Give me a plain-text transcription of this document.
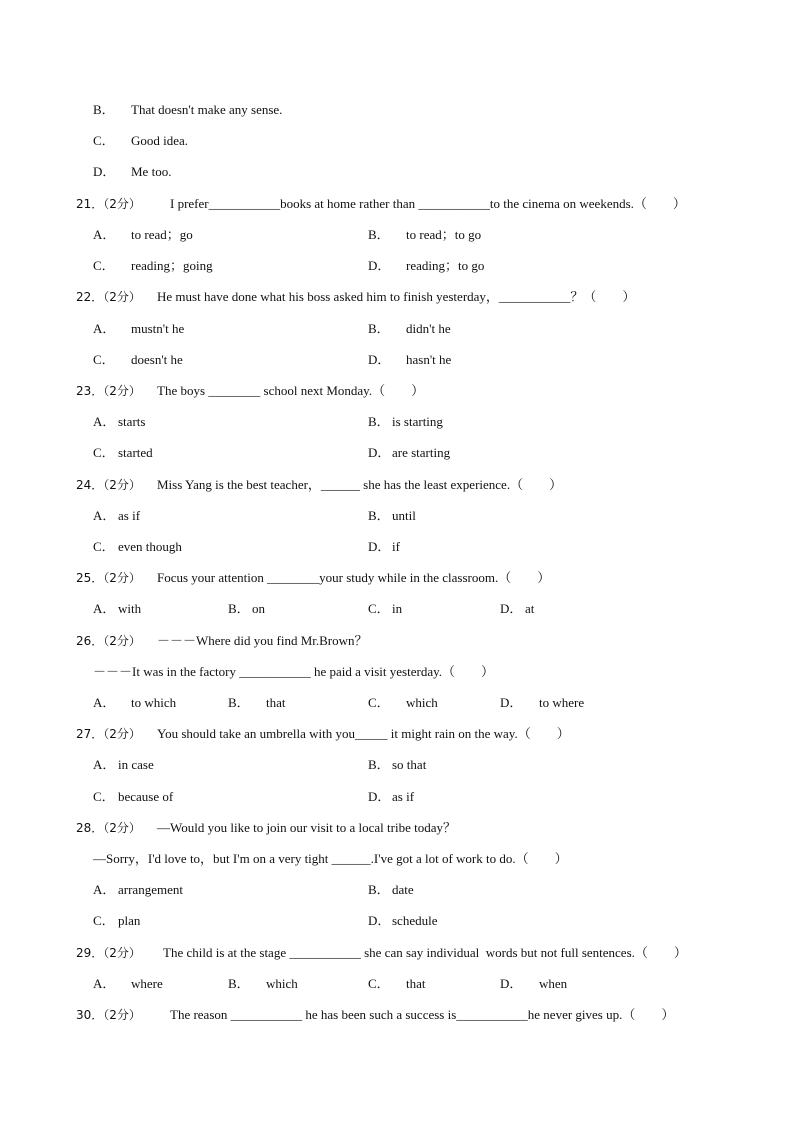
B． That doesn't make any sense.
C． Good idea.
D． Me too.
21．（2分） I prefer___________books at home rather than ___________to the cinema on weekends.（　　）
A． to read；go	B． to read；to go
C． reading；going	D． reading；to go
22．（2分） He must have done what his boss asked him to finish yesterday，___________？（　　）
A． mustn't he	B． didn't he
C． doesn't he	D． hasn't he
23．（2分） The boys ________ school next Monday.（　　）
A． starts	B． is starting
C． started	D． are starting
24．（2分） Miss Yang is the best teacher，______ she has the least experience.（　　）
A． as if	B． until
C． even though	D． if
25．（2分） Focus your attention ________your study while in the classroom.（　　）
A． with	B． on	C． in	D． at
26．（2分） －－－Where did you find Mr.Brown？
－－－It was in the factory ___________ he paid a visit yesterday.（　　）
A． to which	B． that	C． which	D． to where
27．（2分） You should take an umbrella with you_____ it might rain on the way.（　　）
A． in case	B． so that
C． because of	D． as if
28．（2分） —Would you like to join our visit to a local tribe today？
—Sorry，I'd love to，but I'm on a very tight ______.I've got a lot of work to do.（　　）
A． arrangement	B． date
C． plan	D． schedule
29．（2分） The child is at the stage ___________ she can say individual  words but not full sentences.（　　）
A． where	B． which	C． that	D． when
30．（2分） The reason ___________ he has been such a success is___________he never gives up.（　　）
